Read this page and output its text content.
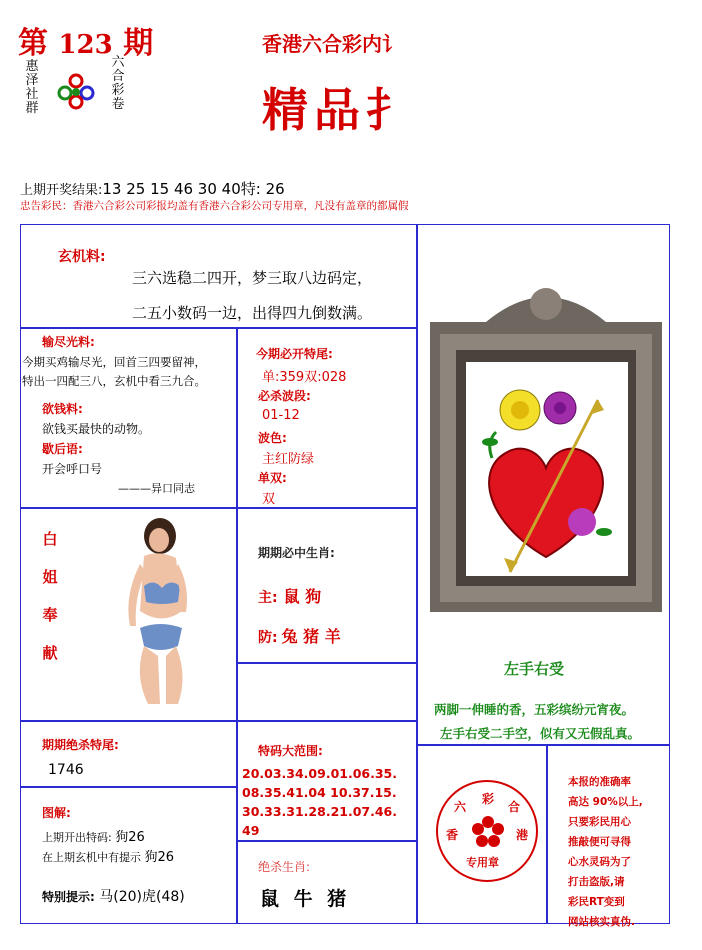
第 123 期
惠
泽
社
群
六
合
彩
卷
香港六合彩内讠
精品扌
上期开奖结果:13 25 15 46 30 40特: 26
忠告彩民：香港六合彩公司彩报均盖有香港六合彩公司专用章，凡没有盖章的都属假
玄机料:
三六选稳二四开，梦三取八边码定，
二五小数码一边，出得四九倒数满。
输尽光料:
今期买鸡输尽光，回首三四要留神，
特出一四配三八，玄机中看三九合。
欲钱料:
欲钱买最快的动物。
歇后语:
开会呼口号
———异口同志
今期必开特尾:
单:359双:028
必杀波段:
01-12
波色:
主红防绿
单双:
双
白
姐
奉
献
期期必中生肖:
主: 鼠 狗
防: 兔 猪 羊
左手右受
两脚一伸睡的香，五彩缤纷元宵夜。
左手右受二手空，似有又无假乱真。
期期绝杀特尾:
1746
特码大范围:
20.03.34.09.01.06.35.
08.35.41.04 10.37.15.
30.33.31.28.21.07.46.
49
六
彩
合
香	港
专用章
本报的准确率
高达 90%以上,
只要彩民用心
推敲便可寻得
心水灵码为了
打击盗版,请
彩民RT变到
网站核实真伪.
图解:
上期开出特码: 狗26
在上期玄机中有提示 狗26
特别提示: 马(20)虎(48)
绝杀生肖:
鼠 牛 猪
